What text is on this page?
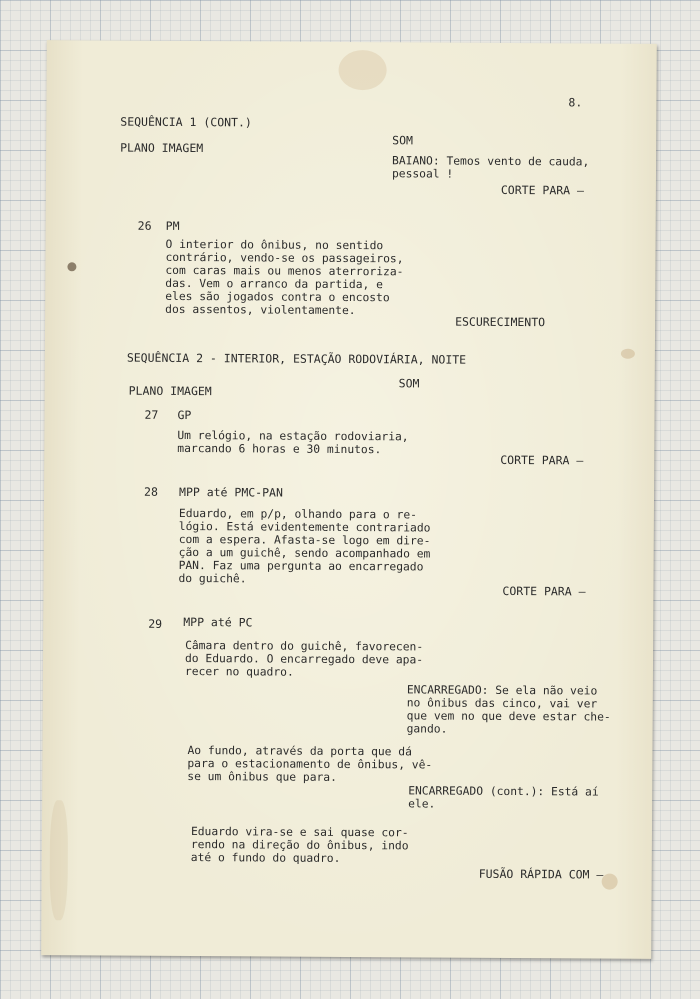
8.
SEQUÊNCIA 1 (CONT.)
PLANO IMAGEM
SOM
BAIANO: Temos vento de cauda,
pessoal !
CORTE PARA —
26 PM
O interior do ônibus, no sentido
contrário, vendo-se os passageiros,
com caras mais ou menos aterroriza-
das. Vem o arranco da partida, e
eles são jogados contra o encosto
dos assentos, violentamente.
ESCURECIMENTO
SEQUÊNCIA 2 - INTERIOR, ESTAÇÃO RODOVIÁRIA, NOITE
SOM
PLANO IMAGEM
27 GP
Um relógio, na estação rodoviaria,
marcando 6 horas e 30 minutos.
CORTE PARA —
28 MPP até PMC-PAN
Eduardo, em p/p, olhando para o re-
lógio. Está evidentemente contrariado
com a espera. Afasta-se logo em dire-
ção a um guichê, sendo acompanhado em
PAN. Faz uma pergunta ao encarregado
do guichê.
CORTE PARA —
29 MPP até PC
Câmara dentro do guichê, favorecen-
do Eduardo. O encarregado deve apa-
recer no quadro.
ENCARREGADO: Se ela não veio
no ônibus das cinco, vai ver
que vem no que deve estar che-
gando.
Ao fundo, através da porta que dá
para o estacionamento de ônibus, vê-
se um ônibus que para.
ENCARREGADO (cont.): Está aí
ele.
Eduardo vira-se e sai quase cor-
rendo na direção do ônibus, indo
até o fundo do quadro.
FUSÃO RÁPIDA COM —
